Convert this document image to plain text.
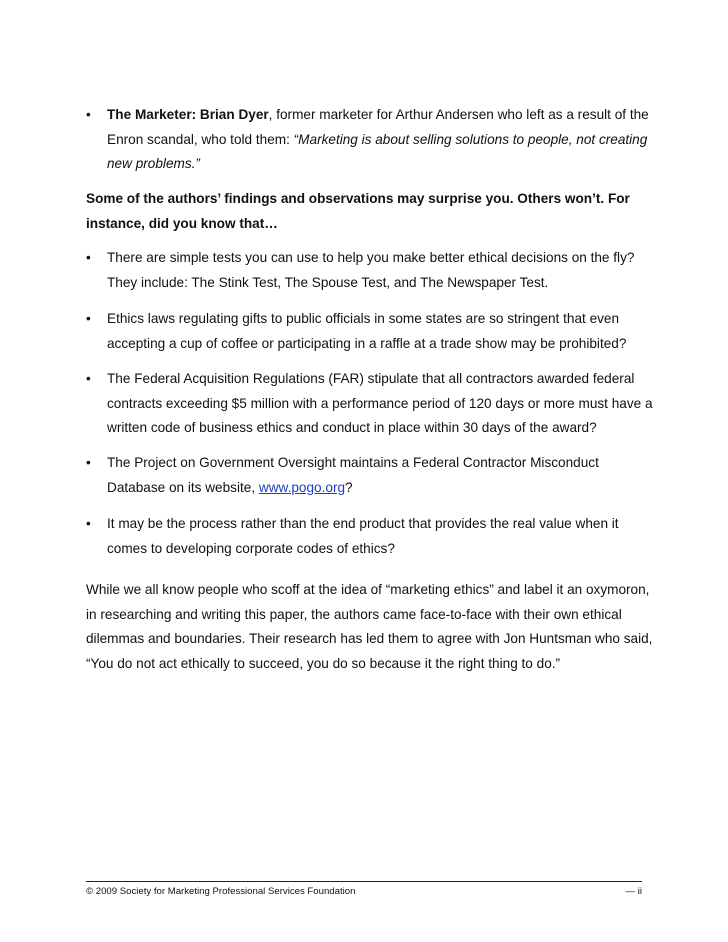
•	The Marketer: Brian Dyer, former marketer for Arthur Andersen who left as a result of the Enron scandal, who told them: “Marketing is about selling solutions to people, not creating new problems.”
Some of the authors’ findings and observations may surprise you. Others won’t. For instance, did you know that…
•	There are simple tests you can use to help you make better ethical decisions on the fly? They include: The Stink Test, The Spouse Test, and The Newspaper Test.
•	Ethics laws regulating gifts to public officials in some states are so stringent that even accepting a cup of coffee or participating in a raffle at a trade show may be prohibited?
•	The Federal Acquisition Regulations (FAR) stipulate that all contractors awarded federal contracts exceeding $5 million with a performance period of 120 days or more must have a written code of business ethics and conduct in place within 30 days of the award?
•	The Project on Government Oversight maintains a Federal Contractor Misconduct Database on its website, www.pogo.org?
•	It may be the process rather than the end product that provides the real value when it comes to developing corporate codes of ethics?
While we all know people who scoff at the idea of “marketing ethics” and label it an oxymoron, in researching and writing this paper, the authors came face-to-face with their own ethical dilemmas and boundaries. Their research has led them to agree with Jon Huntsman who said, “You do not act ethically to succeed, you do so because it the right thing to do.”
© 2009 Society for Marketing Professional Services Foundation	— ii
